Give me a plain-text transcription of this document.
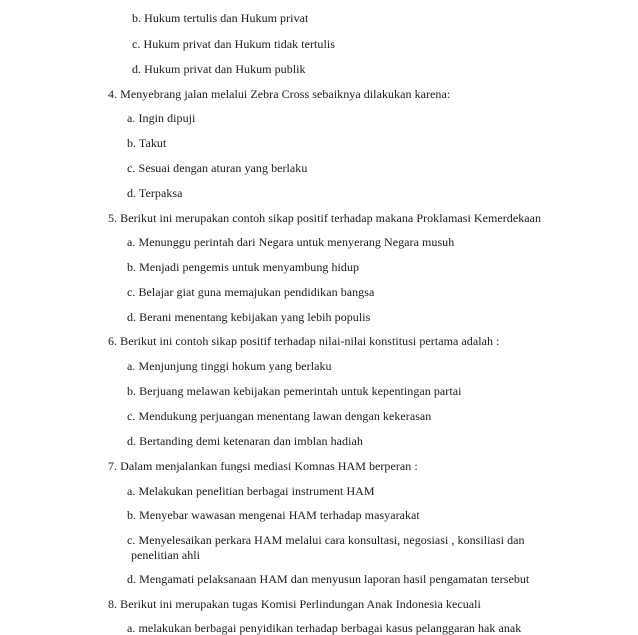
b. Hukum tertulis dan Hukum privat
c. Hukum privat dan Hukum tidak tertulis
d. Hukum privat dan Hukum publik
4. Menyebrang jalan melalui Zebra Cross sebaiknya dilakukan karena:
a. Ingin dipuji
b. Takut
c. Sesuai dengan aturan yang berlaku
d. Terpaksa
5. Berikut ini merupakan contoh sikap positif terhadap makana Proklamasi Kemerdekaan
a. Menunggu perintah dari Negara untuk menyerang Negara musuh
b. Menjadi pengemis untuk menyambung hidup
c. Belajar giat guna memajukan pendidikan bangsa
d. Berani menentang kebijakan yang lebih populis
6. Berikut ini contoh sikap positif terhadap nilai-nilai konstitusi pertama adalah :
a. Menjunjung tinggi hokum yang berlaku
b. Berjuang melawan kebijakan pemerintah untuk kepentingan partai
c. Mendukung perjuangan menentang lawan dengan kekerasan
d. Bertanding demi ketenaran dan imblan hadiah
7. Dalam menjalankan fungsi mediasi Komnas HAM berperan :
a. Melakukan penelitian berbagai instrument HAM
b. Menyebar wawasan mengenai HAM terhadap masyarakat
c. Menyelesaikan perkara HAM melalui cara konsultasi, negosiasi , konsiliasi dan
penelitian ahli
d. Mengamati pelaksanaan HAM dan menyusun laporan hasil pengamatan tersebut
8. Berikut ini merupakan tugas Komisi Perlindungan Anak Indonesia kecuali
a. melakukan berbagai penyidikan terhadap berbagai kasus pelanggaran hak anak
